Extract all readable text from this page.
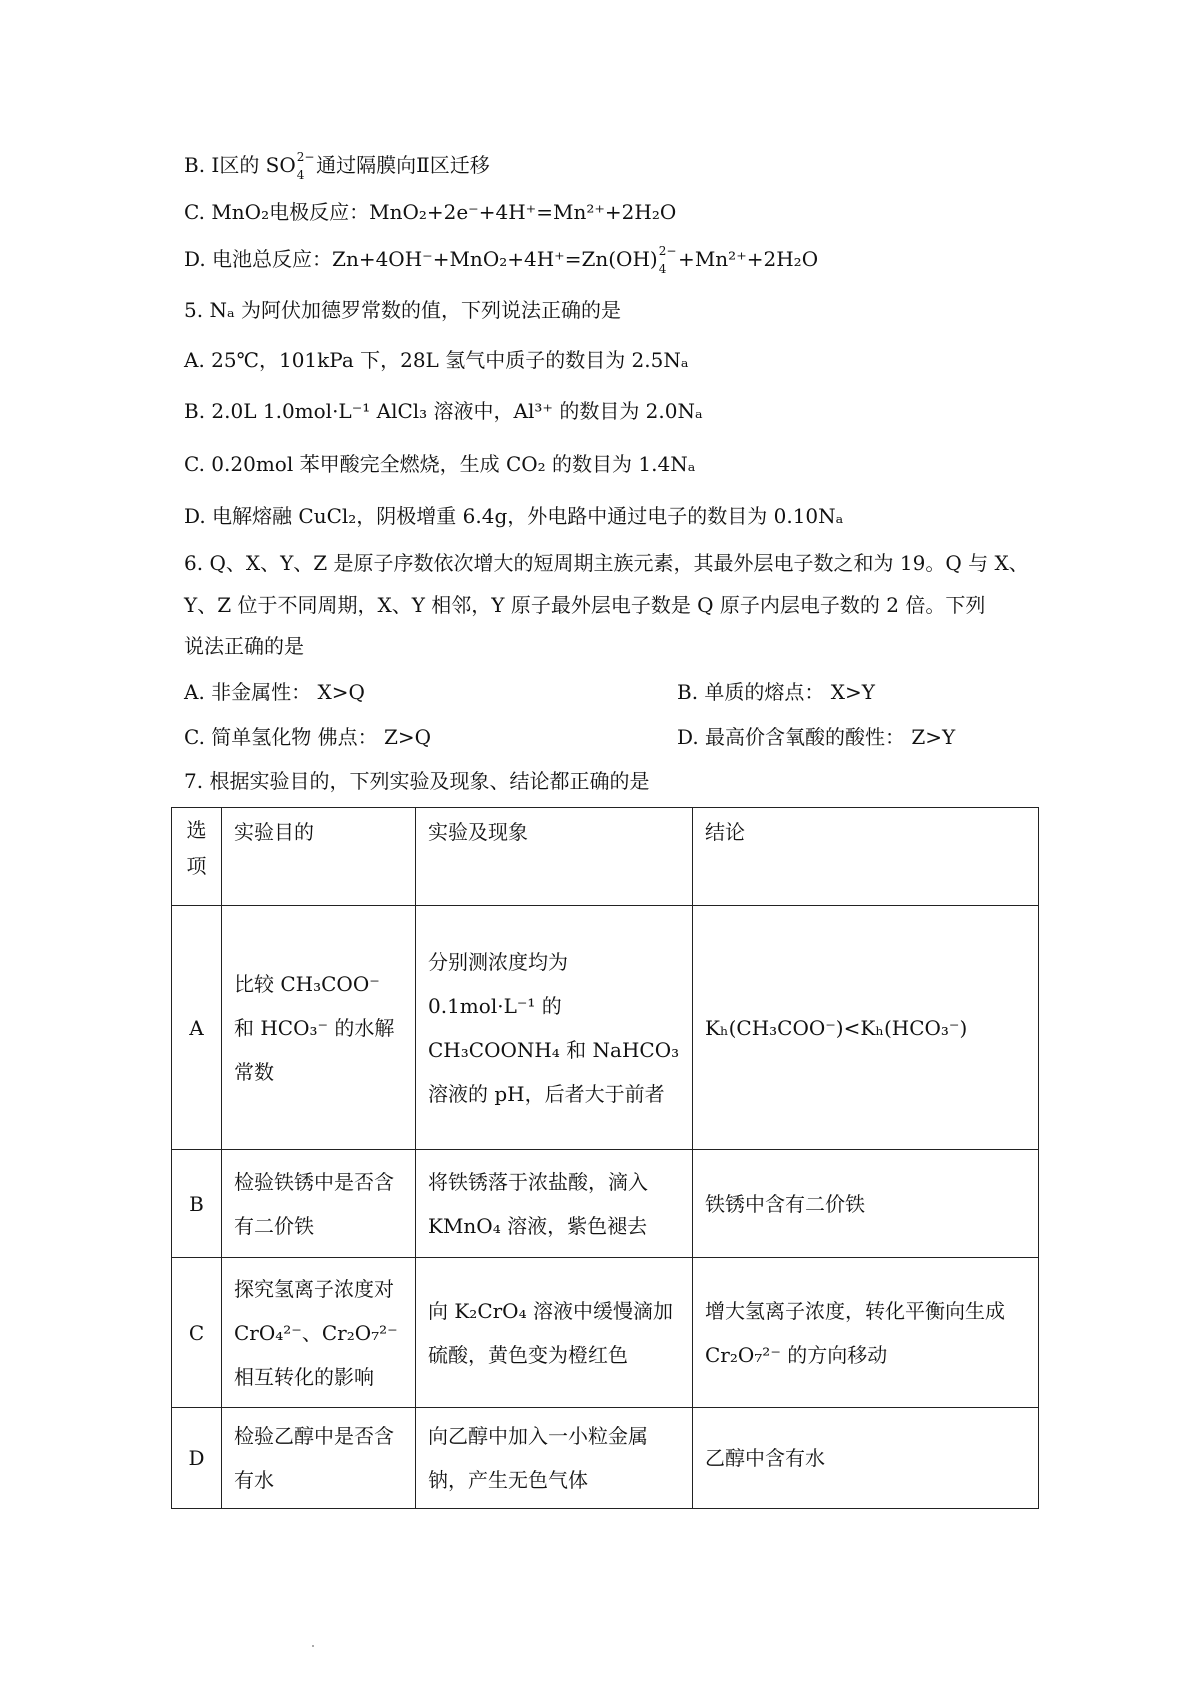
B. Ⅰ区的 SO 2−
4 通过隔膜向Ⅱ区迁移
C. MnO₂电极反应：MnO₂+2e⁻+4H⁺=Mn²⁺+2H₂O
D. 电池总反应：Zn+4OH⁻+MnO₂+4H⁺=Zn(OH) 2−
4 +Mn²⁺+2H₂O
5. Nₐ 为阿伏加德罗常数的值，下列说法正确的是
A. 25℃，101kPa 下，28L 氢气中质子的数目为 2.5Nₐ
B. 2.0L 1.0mol·L⁻¹ AlCl₃ 溶液中，Al³⁺ 的数目为 2.0Nₐ
C. 0.20mol 苯甲酸完全燃烧，生成 CO₂ 的数目为 1.4Nₐ
D. 电解熔融 CuCl₂，阴极增重 6.4g，外电路中通过电子的数目为 0.10Nₐ
6. Q、X、Y、Z 是原子序数依次增大的短周期主族元素，其最外层电子数之和为 19。Q 与 X、
Y、Z 位于不同周期，X、Y 相邻，Y 原子最外层电子数是 Q 原子内层电子数的 2 倍。下列
说法正确的是
A. 非金属性： X>Q	B. 单质的熔点： X>Y
C. 简单氢化物 佛点： Z>Q	D. 最高价含氧酸的酸性： Z>Y
7. 根据实验目的，下列实验及现象、结论都正确的是
选项	实验目的	实验及现象	结论
A	比较 CH₃COO⁻ 和 HCO₃⁻ 的水解常数	分别测浓度均为 0.1mol·L⁻¹ 的 CH₃COONH₄ 和 NaHCO₃ 溶液的 pH，后者大于前者	Kₕ(CH₃COO⁻)<Kₕ(HCO₃⁻)
B	检验铁锈中是否含有二价铁	将铁锈落于浓盐酸，滴入 KMnO₄ 溶液，紫色褪去	铁锈中含有二价铁
C	探究氢离子浓度对 CrO₄²⁻、Cr₂O₇²⁻ 相互转化的影响	向 K₂CrO₄ 溶液中缓慢滴加硫酸，黄色变为橙红色	增大氢离子浓度，转化平衡向生成 Cr₂O₇²⁻ 的方向移动
D	检验乙醇中是否含有水	向乙醇中加入一小粒金属钠，产生无色气体	乙醇中含有水
